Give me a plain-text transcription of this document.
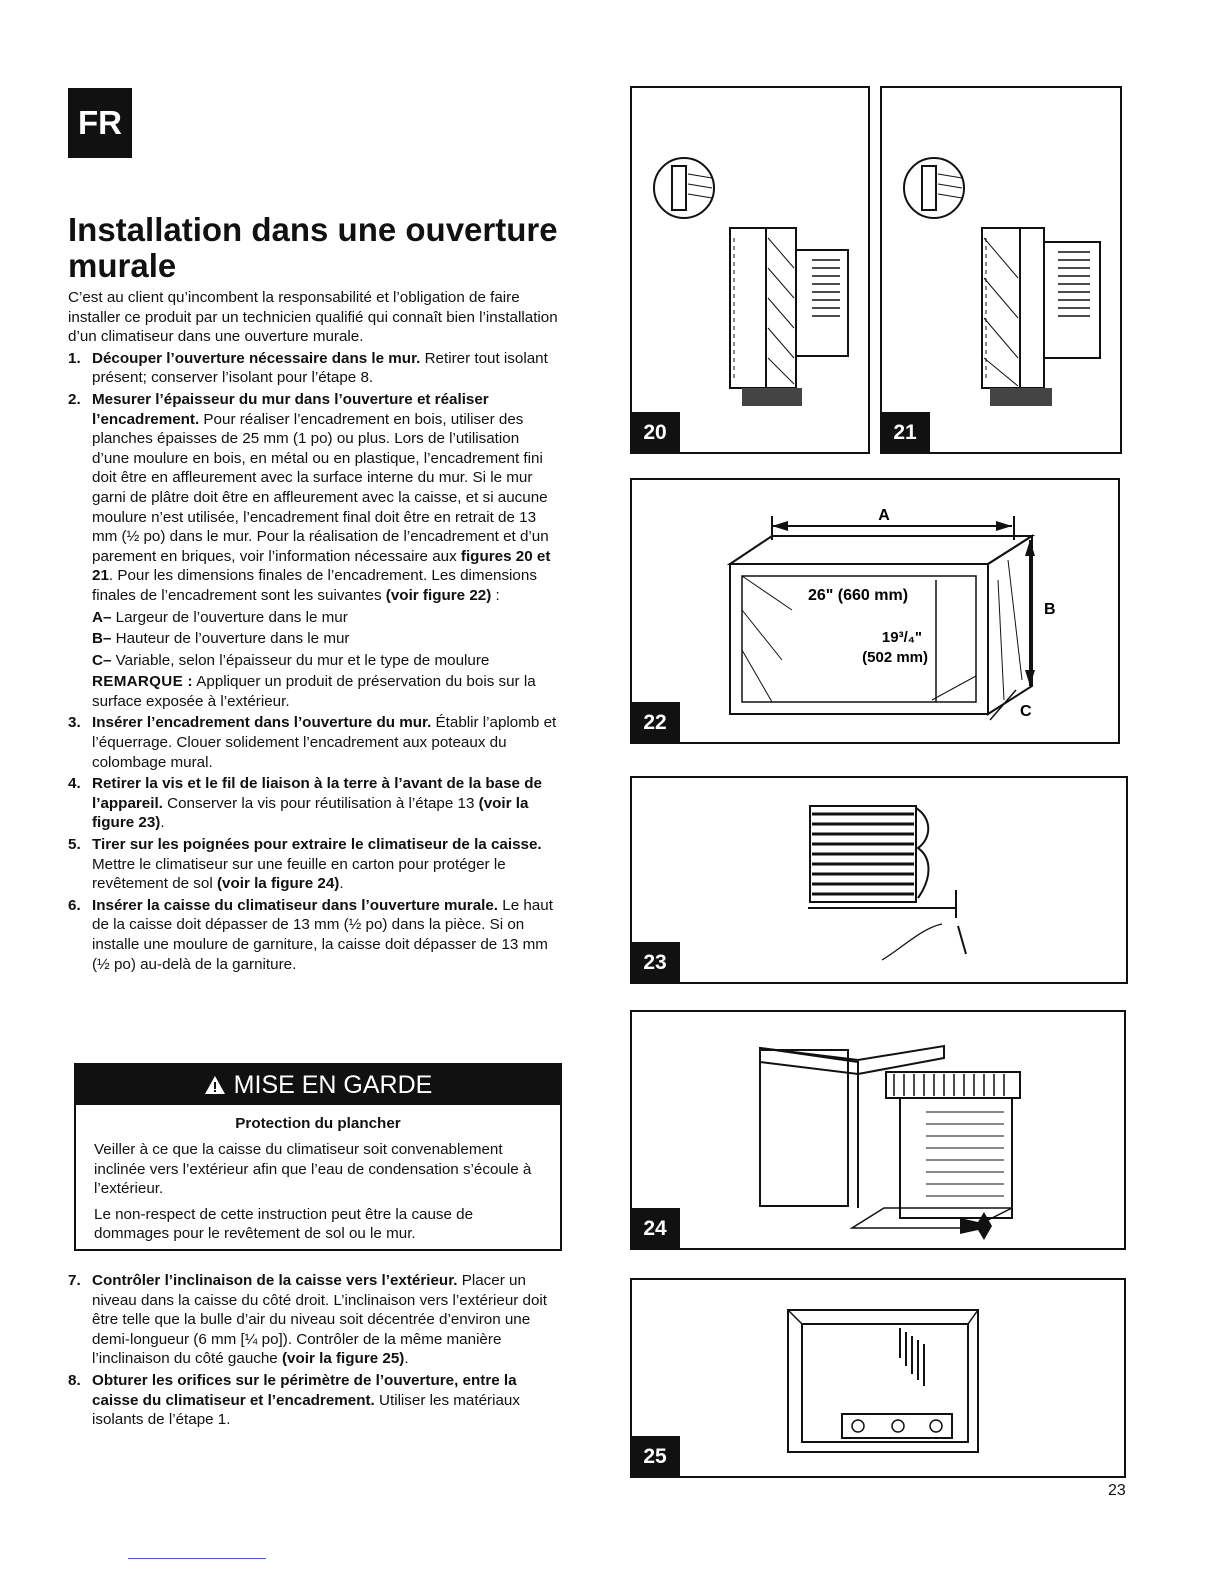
FR
Installation dans une ouverture murale

C’est au client qu’incombent la responsabilité et l’obligation de faire installer ce produit par un technicien qualifié qui connaît bien l’installation d’un climatiseur dans une ouverture murale.

1. Découper l’ouverture nécessaire dans le mur. Retirer tout isolant présent; conserver l’isolant pour l’étape 8.
2. Mesurer l’épaisseur du mur dans l’ouverture et réaliser l’encadrement. Pour réaliser l’encadrement en bois, utiliser des planches épaisses de 25 mm (1 po) ou plus. Lors de l’utilisation d’une moulure en bois, en métal ou en plastique, l’encadrement fini doit être en affleurement avec la surface interne du mur. Si le mur garni de plâtre doit être en affleurement avec la caisse, et si aucune moulure n’est utilisée, l’encadrement final doit être en retrait de 13 mm (½ po) dans le mur. Pour la réalisation de l’encadrement et d’un parement en briques, voir l’information nécessaire aux figures 20 et 21. Pour les dimensions finales de l’encadrement. Les dimensions finales de l’encadrement sont les suivantes (voir figure 22) :
A– Largeur de l’ouverture dans le mur
B– Hauteur de l’ouverture dans le mur
C– Variable, selon l’épaisseur du mur et le type de moulure
REMARQUE : Appliquer un produit de préservation du bois sur la surface exposée à l’extérieur.
3. Insérer l’encadrement dans l’ouverture du mur. Établir l’aplomb et l’équerrage. Clouer solidement l’encadrement aux poteaux du colombage mural.
4. Retirer la vis et le fil de liaison à la terre à l’avant de la base de l’appareil. Conserver la vis pour réutilisation à l’étape 13 (voir la figure 23).
5. Tirer sur les poignées pour extraire le climatiseur de la caisse. Mettre le climatiseur sur une feuille en carton pour protéger le revêtement de sol (voir la figure 24).
6. Insérer la caisse du climatiseur dans l’ouverture murale. Le haut de la caisse doit dépasser de 13 mm (½ po) dans la pièce. Si on installe une moulure de garniture, la caisse doit dépasser de 13 mm (½ po) au-delà de la garniture.
MISE EN GARDE
Protection du plancher

Veiller à ce que la caisse du climatiseur soit convenablement inclinée vers l’extérieur afin que l’eau de condensation s’écoule à l’extérieur.

Le non-respect de cette instruction peut être la cause de dommages pour le revêtement de sol ou le mur.

7. Contrôler l’inclinaison de la caisse vers l’extérieur. Placer un niveau dans la caisse du côté droit. L’inclinaison vers l’extérieur doit être telle que la bulle d’air du niveau soit décentrée d’environ une demi-longueur (6 mm [¼ po]). Contrôler de la même manière l’inclinaison du côté gauche (voir la figure 25).
8. Obturer les orifices sur le périmètre de l’ouverture, entre la caisse du climatiseur et l’encadrement. Utiliser les matériaux isolants de l’étape 1.
20	21
A
26" (660 mm)
19³/₄"
(502 mm)
B
C
22
23
24
25
23
